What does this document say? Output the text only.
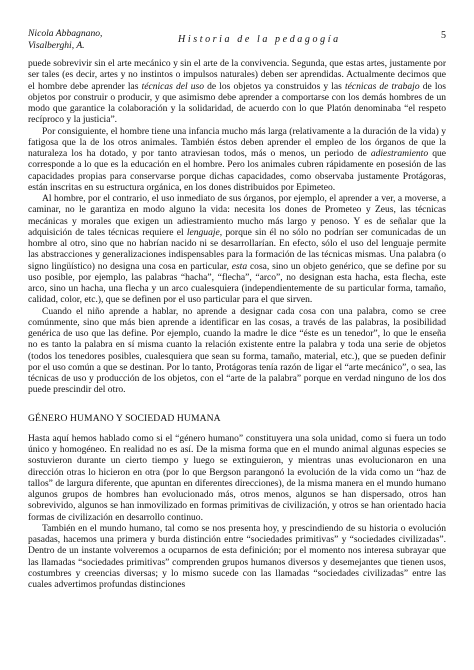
Nicola Abbagnano,
Visalberghi, A.
Historia de la pedagogía	5

puede sobrevivir sin el arte mecánico y sin el arte de la convivencia. Segunda, que estas artes, justamente por ser tales (es decir, artes y no instintos o impulsos naturales) deben ser aprendidas. Actualmente decimos que el hombre debe aprender las técnicas del uso de los objetos ya construidos y las técnicas de trabajo de los objetos por construir o producir, y que asimismo debe aprender a comportarse con los demás hombres de un modo que garantice la colaboración y la solidaridad, de acuerdo con lo que Platón denominaba “el respeto recíproco y la justicia”.

Por consiguiente, el hombre tiene una infancia mucho más larga (relativamente a la duración de la vida) y fatigosa que la de los otros animales. También éstos deben aprender el empleo de los órganos de que la naturaleza los ha dotado, y por tanto atraviesan todos, más o menos, un periodo de adiestramiento que corresponde a lo que es la educación en el hombre. Pero los animales cubren rápidamente en posesión de las capacidades propias para conservarse porque dichas capacidades, como observaba justamente Protágoras, están inscritas en su estructura orgánica, en los dones distribuidos por Epimeteo.

Al hombre, por el contrario, el uso inmediato de sus órganos, por ejemplo, el aprender a ver, a moverse, a caminar, no le garantiza en modo alguno la vida: necesita los dones de Prometeo y Zeus, las técnicas mecánicas y morales que exigen un adiestramiento mucho más largo y penoso. Y es de señalar que la adquisición de tales técnicas requiere el lenguaje, porque sin él no sólo no podrían ser comunicadas de un hombre al otro, sino que no habrían nacido ni se desarrollarían. En efecto, sólo el uso del lenguaje permite las abstracciones y generalizaciones indispensables para la formación de las técnicas mismas. Una palabra (o signo lingüístico) no designa una cosa en particular, esta cosa, sino un objeto genérico, que se define por su uso posible, por ejemplo, las palabras “hacha”, “flecha”, “arco”, no designan esta hacha, esta flecha, este arco, sino un hacha, una flecha y un arco cualesquiera (independientemente de su particular forma, tamaño, calidad, color, etc.), que se definen por el uso particular para el que sirven.

Cuando el niño aprende a hablar, no aprende a designar cada cosa con una palabra, como se cree comúnmente, sino que más bien aprende a identificar en las cosas, a través de las palabras, la posibilidad genérica de uso que las define. Por ejemplo, cuando la madre le dice “éste es un tenedor”, lo que le enseña no es tanto la palabra en sí misma cuanto la relación existente entre la palabra y toda una serie de objetos (todos los tenedores posibles, cualesquiera que sean su forma, tamaño, material, etc.), que se pueden definir por el uso común a que se destinan. Por lo tanto, Protágoras tenía razón de ligar el “arte mecánico”, o sea, las técnicas de uso y producción de los objetos, con el “arte de la palabra” porque en verdad ninguno de los dos puede prescindir del otro.

GÉNERO HUMANO Y SOCIEDAD HUMANA

Hasta aquí hemos hablado como si el “género humano” constituyera una sola unidad, como si fuera un todo único y homogéneo. En realidad no es así. De la misma forma que en el mundo animal algunas especies se sostuvieron durante un cierto tiempo y luego se extinguieron, y mientras unas evolucionaron en una dirección otras lo hicieron en otra (por lo que Bergson parangonó la evolución de la vida como un “haz de tallos” de largura diferente, que apuntan en diferentes direcciones), de la misma manera en el mundo humano algunos grupos de hombres han evolucionado más, otros menos, algunos se han dispersado, otros han sobrevivido, algunos se han inmovilizado en formas primitivas de civilización, y otros se han orientado hacia formas de civilización en desarrollo continuo.

También en el mundo humano, tal como se nos presenta hoy, y prescindiendo de su historia o evolución pasadas, hacemos una primera y burda distinción entre “sociedades primitivas” y “sociedades civilizadas”. Dentro de un instante volveremos a ocuparnos de esta definición; por el momento nos interesa subrayar que las llamadas “sociedades primitivas” comprenden grupos humanos diversos y desemejantes que tienen usos, costumbres y creencias diversas; y lo mismo sucede con las llamadas “sociedades civilizadas” entre las cuales advertimos profundas distinciones
